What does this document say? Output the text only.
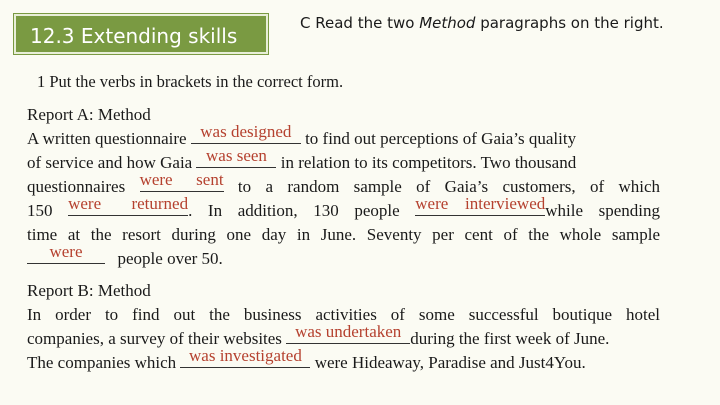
12.3 Extending skills
C Read the two Method paragraphs on the right.
1 Put the verbs in brackets in the correct form.
Report A: Method
A written questionnaire was designed to find out perceptions of Gaia’s quality
of service and how Gaia was seen in relation to its competitors. Two thousand
questionnaires were sent to a random sample of Gaia’s customers, of which
150 were returned . In addition, 130 people were interviewed while spending
time at the resort during one day in June. Seventy per cent of the whole sample
were	people over 50.
Report B: Method
In order to find out the business activities of some successful boutique hotel
companies, a survey of their websites was undertaken during the first week of June.
The companies which was investigated were Hideaway, Paradise and Just4You.
